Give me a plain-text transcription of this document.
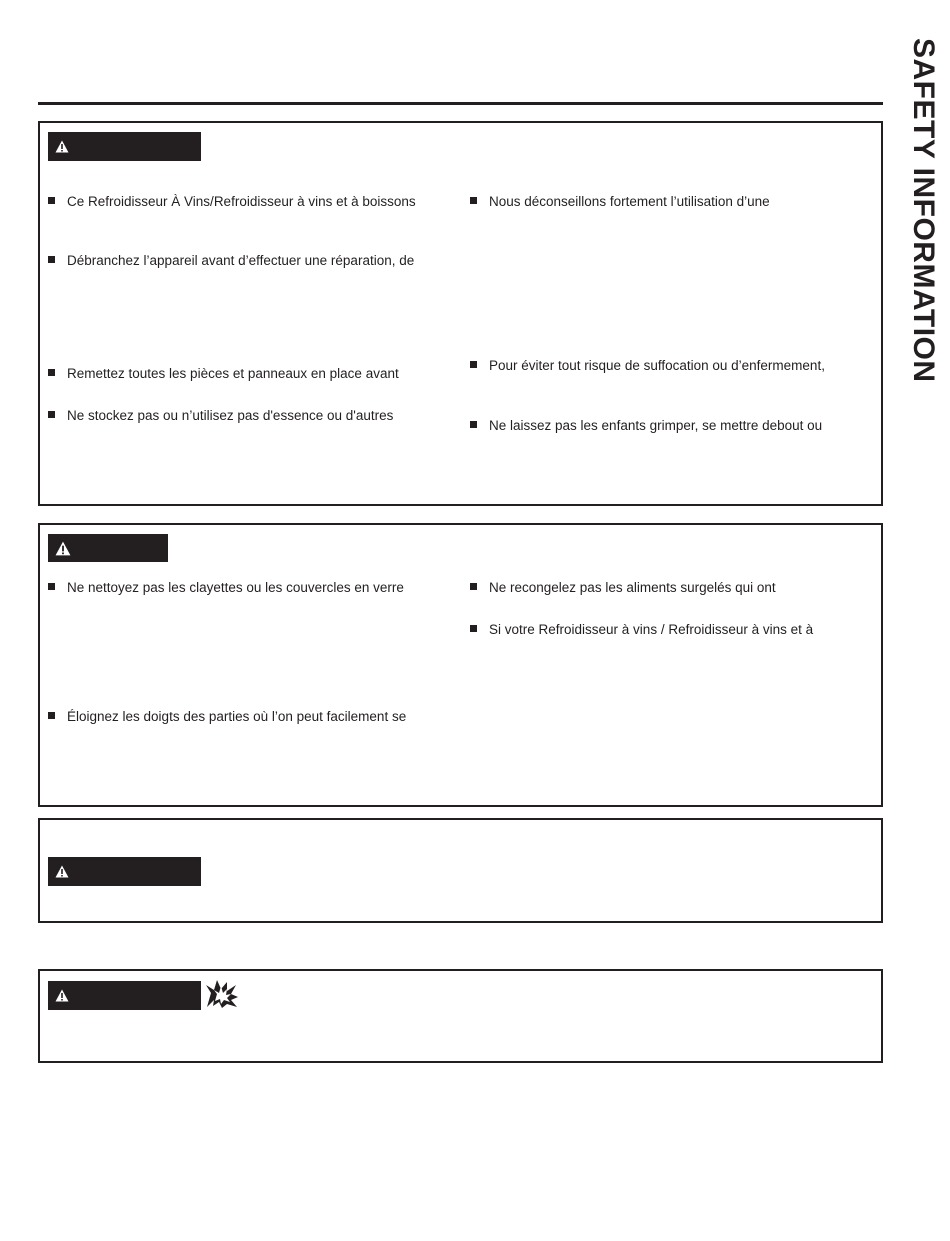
SAFETY INFORMATION
Ce Refroidisseur À Vins/Refroidisseur à vins et à boissons
Débranchez l’appareil avant d’effectuer une réparation, de
Remettez toutes les pièces et panneaux en place avant
Ne stockez pas ou n’utilisez pas d'essence ou d'autres
Nous déconseillons fortement l’utilisation d’une
Pour éviter tout risque de suffocation ou d’enfermement,
Ne laissez pas les enfants grimper, se mettre debout ou
Ne nettoyez pas les clayettes ou les couvercles en verre
Éloignez les doigts des parties où l’on peut facilement se
Ne recongelez pas les aliments surgelés qui ont
Si votre Refroidisseur à vins / Refroidisseur à vins et à
